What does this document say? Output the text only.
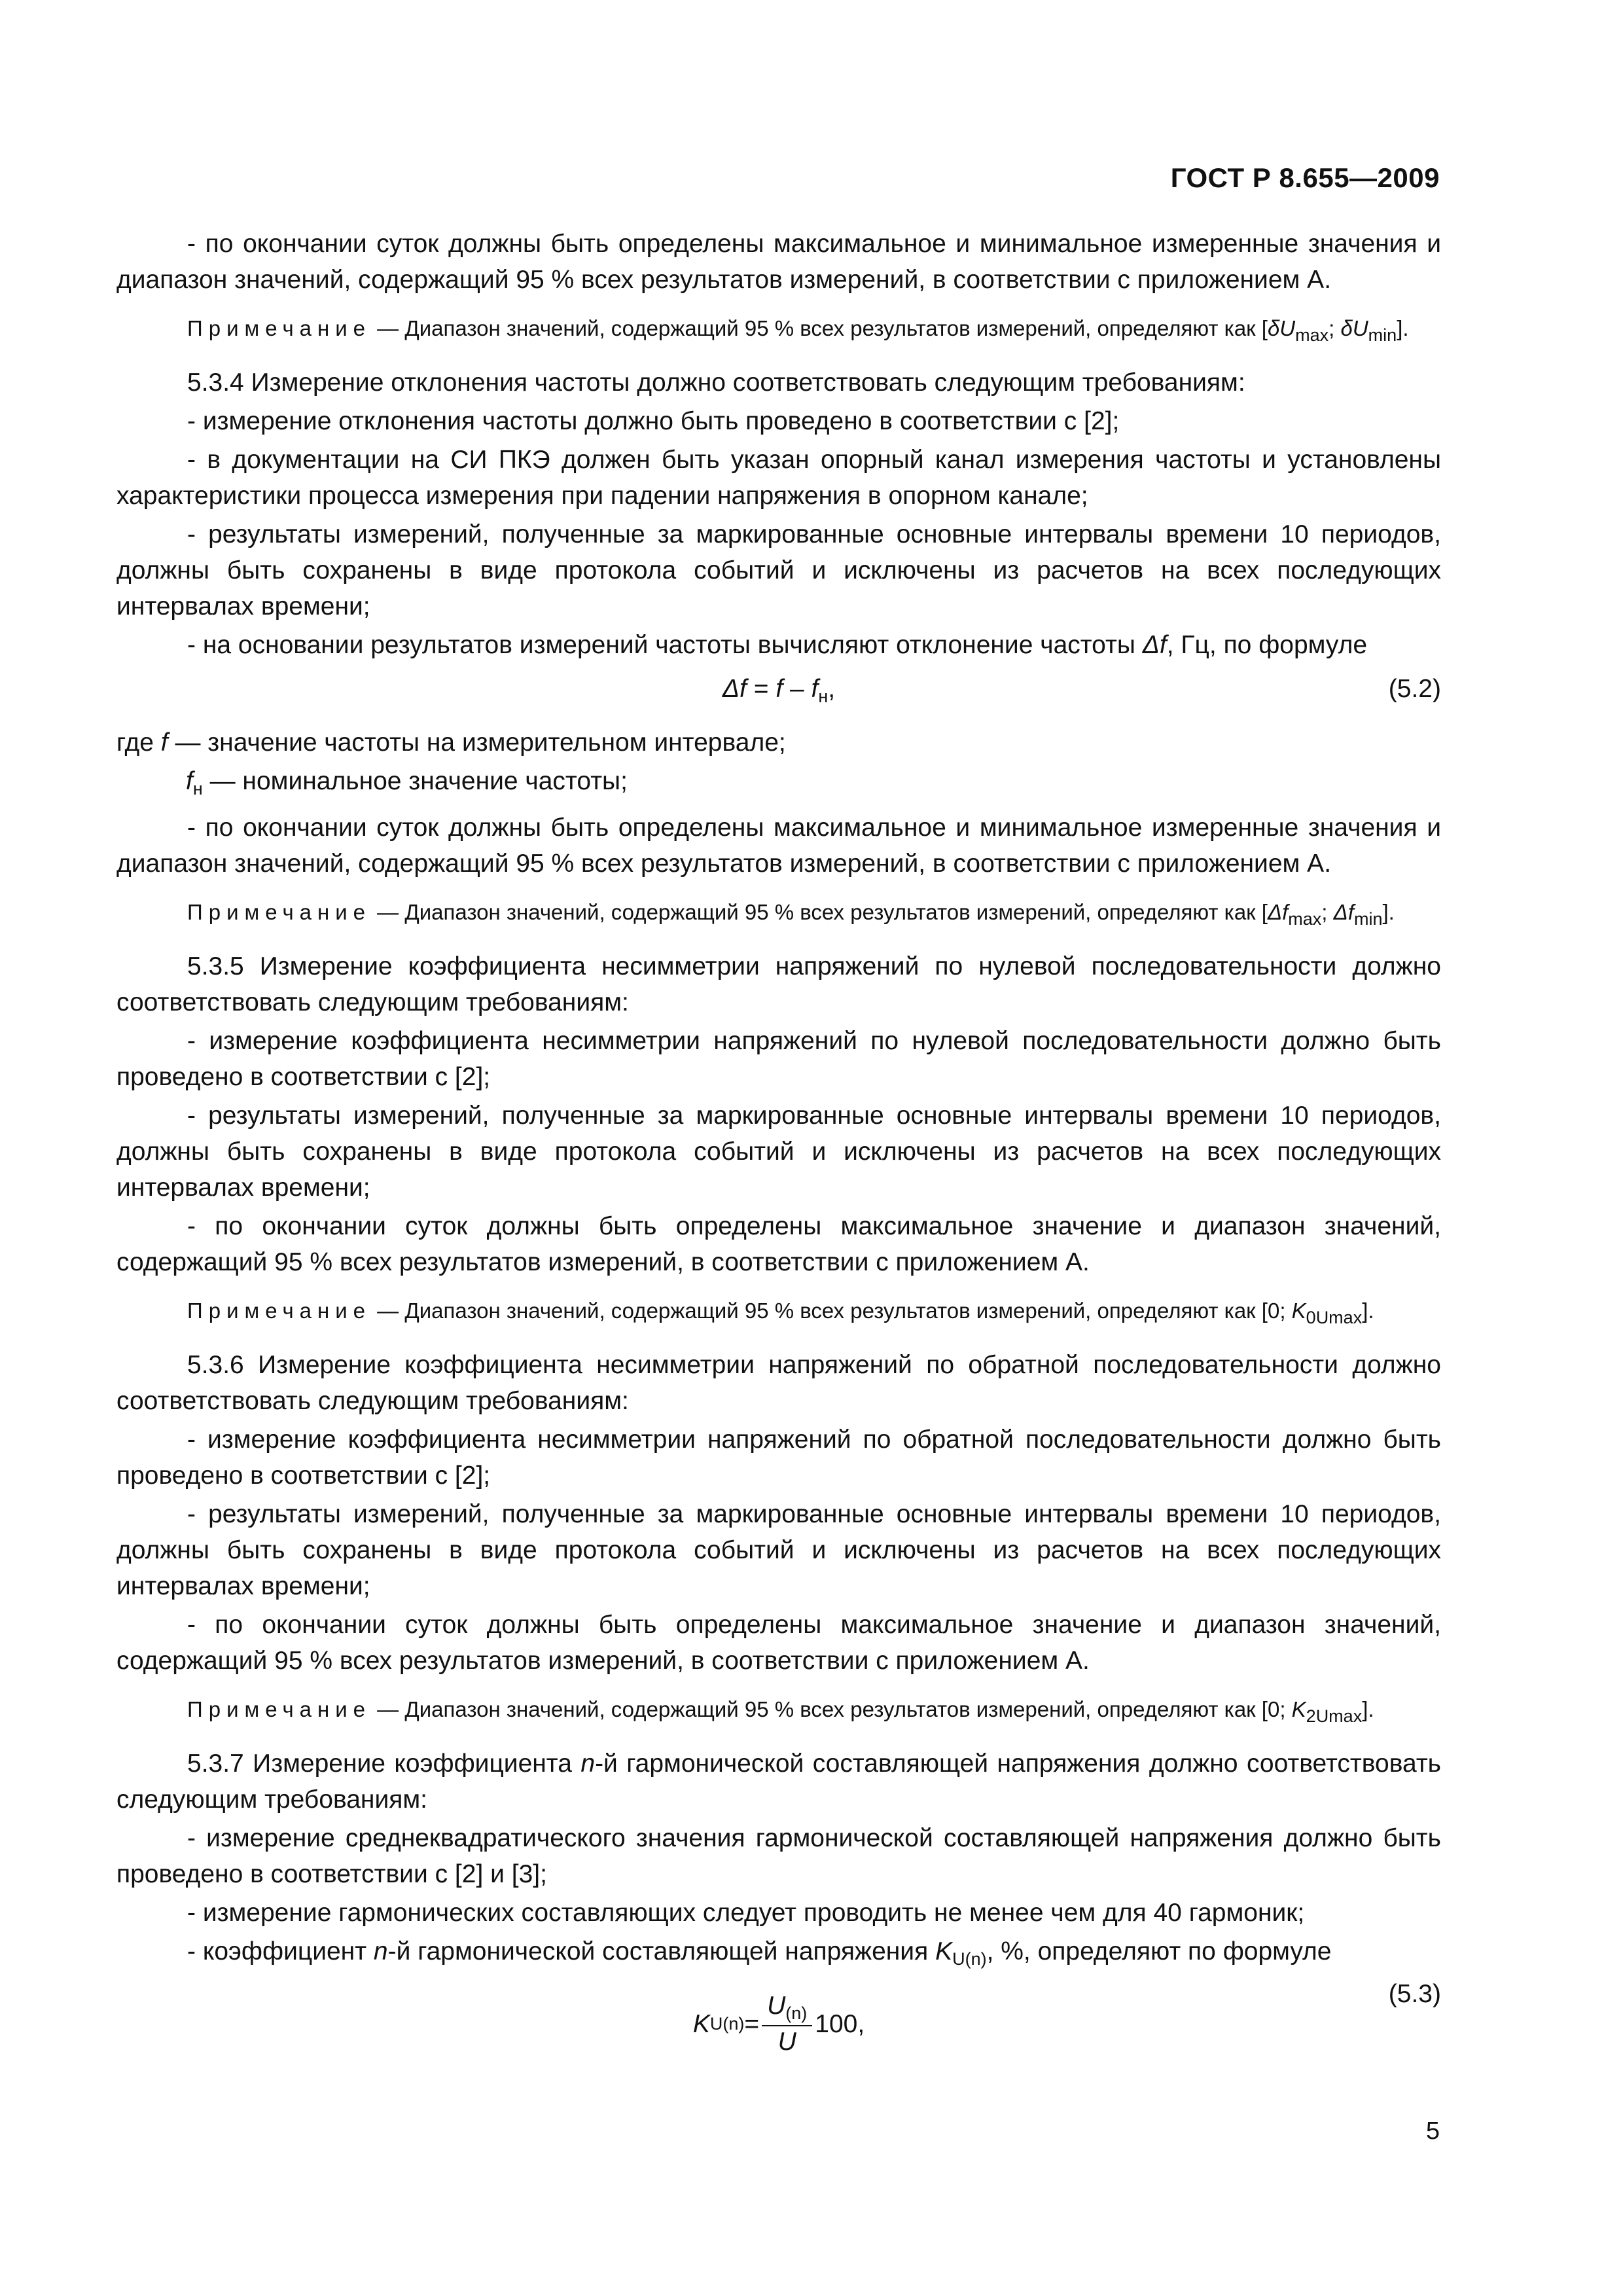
ГОСТ Р 8.655—2009

- по окончании суток должны быть определены максимальное и минимальное измеренные значения и диапазон значений, содержащий 95 % всех результатов измерений, в соответствии с приложением А.

Примечание — Диапазон значений, содержащий 95 % всех результатов измерений, определяют как [$\delta U_{max}$; $\delta U_{min}$].

5.3.4 Измерение отклонения частоты должно соответствовать следующим требованиям:

- измерение отклонения частоты должно быть проведено в соответствии с [2];

- в документации на СИ ПКЭ должен быть указан опорный канал измерения частоты и установлены характеристики процесса измерения при падении напряжения в опорном канале;

- результаты измерений, полученные за маркированные основные интервалы времени 10 периодов, должны быть сохранены в виде протокола событий и исключены из расчетов на всех последующих интервалах времени;

- на основании результатов измерений частоты вычисляют отклонение частоты Δf, Гц, по формуле

$\Delta f = f - f_н$,	(5.2)

где f — значение частоты на измерительном интервале;

$f_н$ — номинальное значение частоты;

- по окончании суток должны быть определены максимальное и минимальное измеренные значения и диапазон значений, содержащий 95 % всех результатов измерений, в соответствии с приложением А.

Примечание — Диапазон значений, содержащий 95 % всех результатов измерений, определяют как [$\Delta f_{max}$; $\Delta f_{min}$].

5.3.5 Измерение коэффициента несимметрии напряжений по нулевой последовательности должно соответствовать следующим требованиям:

- измерение коэффициента несимметрии напряжений по нулевой последовательности должно быть проведено в соответствии с [2];

- результаты измерений, полученные за маркированные основные интервалы времени 10 периодов, должны быть сохранены в виде протокола событий и исключены из расчетов на всех последующих интервалах времени;

- по окончании суток должны быть определены максимальное значение и диапазон значений, содержащий 95 % всех результатов измерений, в соответствии с приложением А.

Примечание — Диапазон значений, содержащий 95 % всех результатов измерений, определяют как [0; $K_{0Umax}$].

5.3.6 Измерение коэффициента несимметрии напряжений по обратной последовательности должно соответствовать следующим требованиям:

- измерение коэффициента несимметрии напряжений по обратной последовательности должно быть проведено в соответствии с [2];

- результаты измерений, полученные за маркированные основные интервалы времени 10 периодов, должны быть сохранены в виде протокола событий и исключены из расчетов на всех последующих интервалах времени;

- по окончании суток должны быть определены максимальное значение и диапазон значений, содержащий 95 % всех результатов измерений, в соответствии с приложением А.

Примечание — Диапазон значений, содержащий 95 % всех результатов измерений, определяют как [0; $K_{2Umax}$].

5.3.7 Измерение коэффициента n-й гармонической составляющей напряжения должно соответствовать следующим требованиям:

- измерение среднеквадратического значения гармонической составляющей напряжения должно быть проведено в соответствии с [2] и [3];

- измерение гармонических составляющих следует проводить не менее чем для 40 гармоник;

- коэффициент n-й гармонической составляющей напряжения $K_{U(n)}$, %, определяют по формуле

K $U(n) = \frac{U_{(n)}}{U} 100$,
(5.3)
5
